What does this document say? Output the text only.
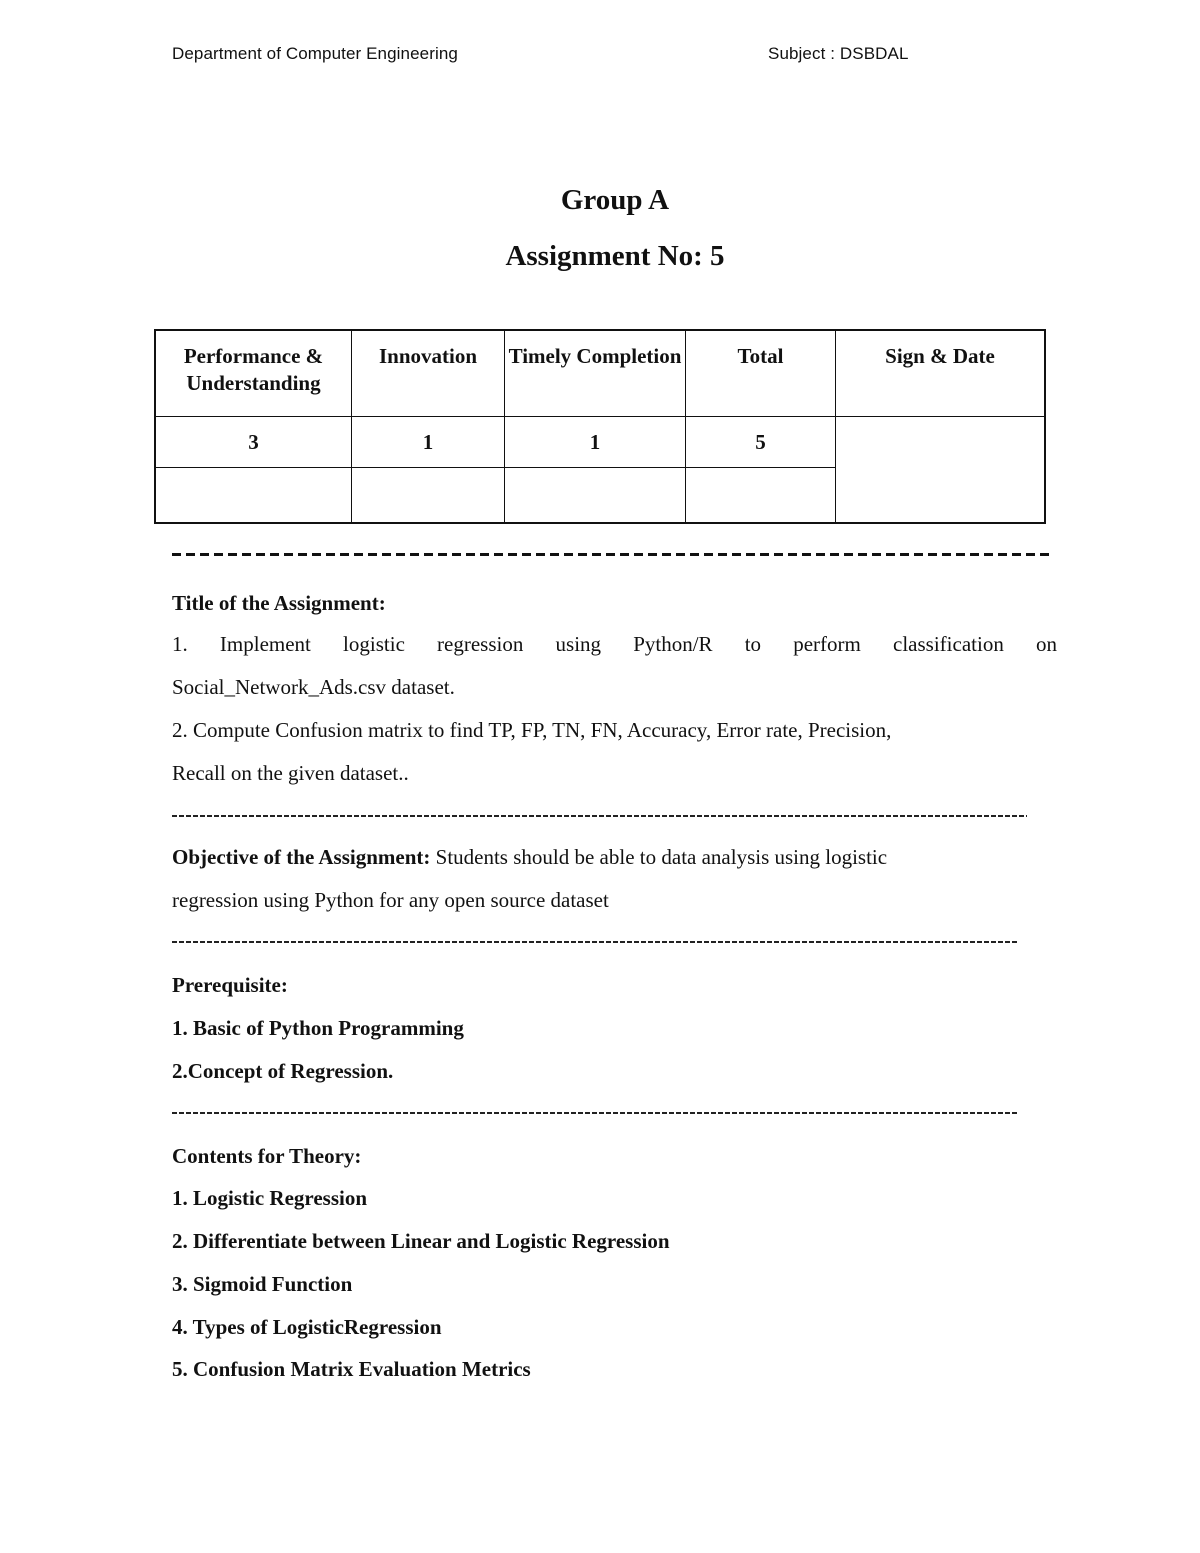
Department of Computer Engineering	Subject : DSBDAL
Group A
Assignment No: 5
Performance & Understanding	Innovation	Timely Completion	Total	Sign & Date
3	1	1	5	

Title of the Assignment:
1. Implement logistic regression using Python/R to perform classification on
Social_Network_Ads.csv dataset.
2. Compute Confusion matrix to find TP, FP, TN, FN, Accuracy, Error rate, Precision,
Recall on the given dataset..
Objective of the Assignment: Students should be able to data analysis using logistic
regression using Python for any open source dataset
Prerequisite:
1. Basic of Python Programming
2.Concept of Regression.
Contents for Theory:
1. Logistic Regression
2. Differentiate between Linear and Logistic Regression
3. Sigmoid Function
4. Types of LogisticRegression
5. Confusion Matrix Evaluation Metrics
